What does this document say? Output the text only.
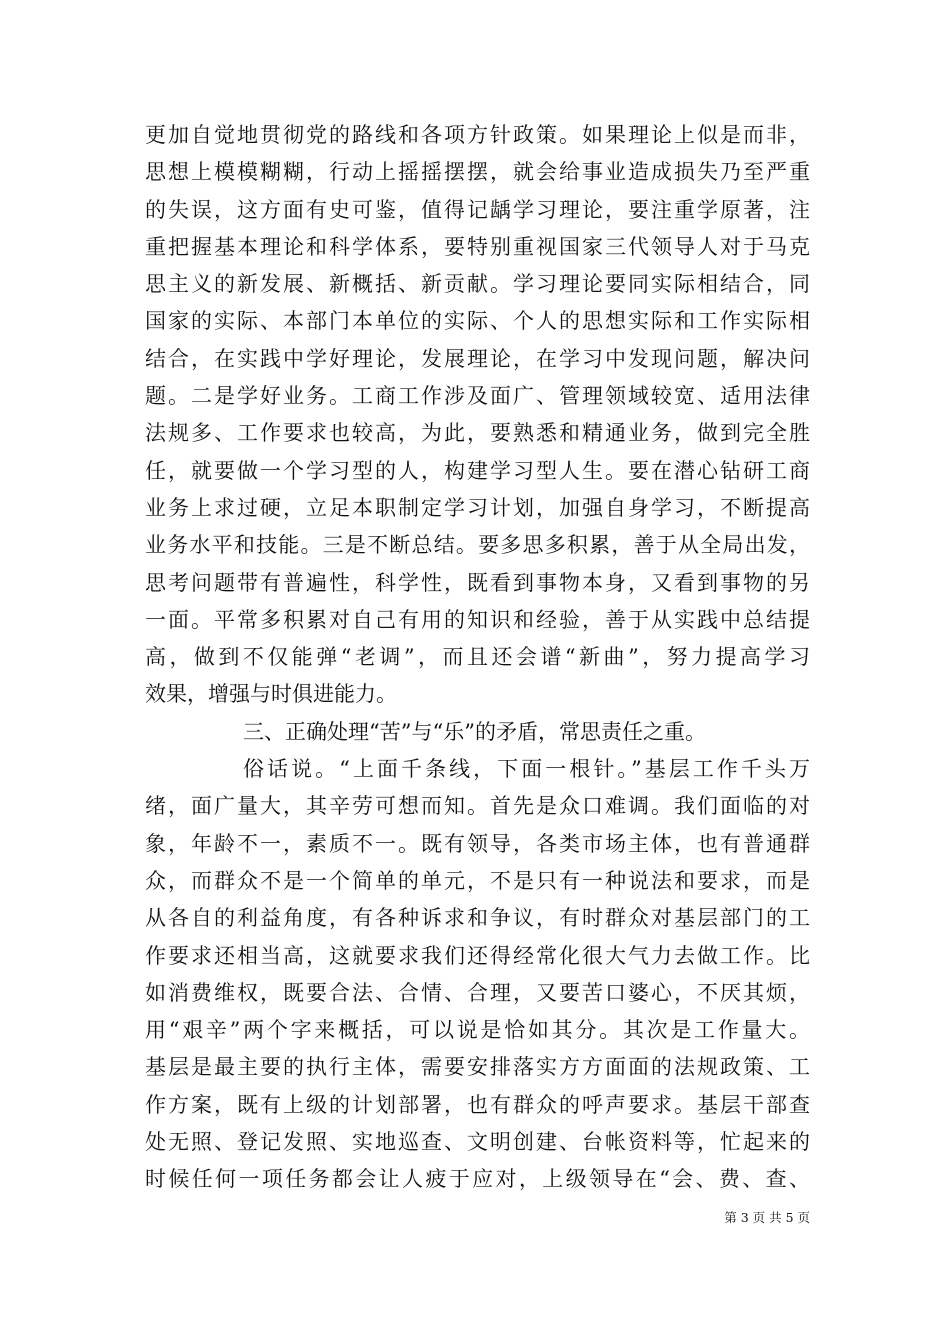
更加自觉地贯彻党的路线和各项方针政策。如果理论上似是而非，
思想上模模糊糊，行动上摇摇摆摆，就会给事业造成损失乃至严重
的失误，这方面有史可鉴，值得记龋学习理论，要注重学原著，注
重把握基本理论和科学体系，要特别重视国家三代领导人对于马克
思主义的新发展、新概括、新贡献。学习理论要同实际相结合，同
国家的实际、本部门本单位的实际、个人的思想实际和工作实际相
结合，在实践中学好理论，发展理论，在学习中发现问题，解决问
题。二是学好业务。工商工作涉及面广、管理领域较宽、适用法律
法规多、工作要求也较高，为此，要熟悉和精通业务，做到完全胜
任，就要做一个学习型的人，构建学习型人生。要在潜心钻研工商
业务上求过硬，立足本职制定学习计划，加强自身学习，不断提高
业务水平和技能。三是不断总结。要多思多积累，善于从全局出发，
思考问题带有普遍性，科学性，既看到事物本身，又看到事物的另
一面。平常多积累对自己有用的知识和经验，善于从实践中总结提
高，做到不仅能弹“老调”，而且还会谱“新曲”，努力提高学习
效果，增强与时俱进能力。
三、正确处理“苦”与“乐”的矛盾，常思责任之重。
俗话说。“上面千条线，下面一根针。”基层工作千头万
绪，面广量大，其辛劳可想而知。首先是众口难调。我们面临的对
象，年龄不一，素质不一。既有领导，各类市场主体，也有普通群
众，而群众不是一个简单的单元，不是只有一种说法和要求，而是
从各自的利益角度，有各种诉求和争议，有时群众对基层部门的工
作要求还相当高，这就要求我们还得经常化很大气力去做工作。比
如消费维权，既要合法、合情、合理，又要苦口婆心，不厌其烦，
用“艰辛”两个字来概括，可以说是恰如其分。其次是工作量大。
基层是最主要的执行主体，需要安排落实方方面面的法规政策、工
作方案，既有上级的计划部署，也有群众的呼声要求。基层干部查
处无照、登记发照、实地巡查、文明创建、台帐资料等，忙起来的
时候任何一项任务都会让人疲于应对，上级领导在“会、费、查、
第 3 页 共 5 页
